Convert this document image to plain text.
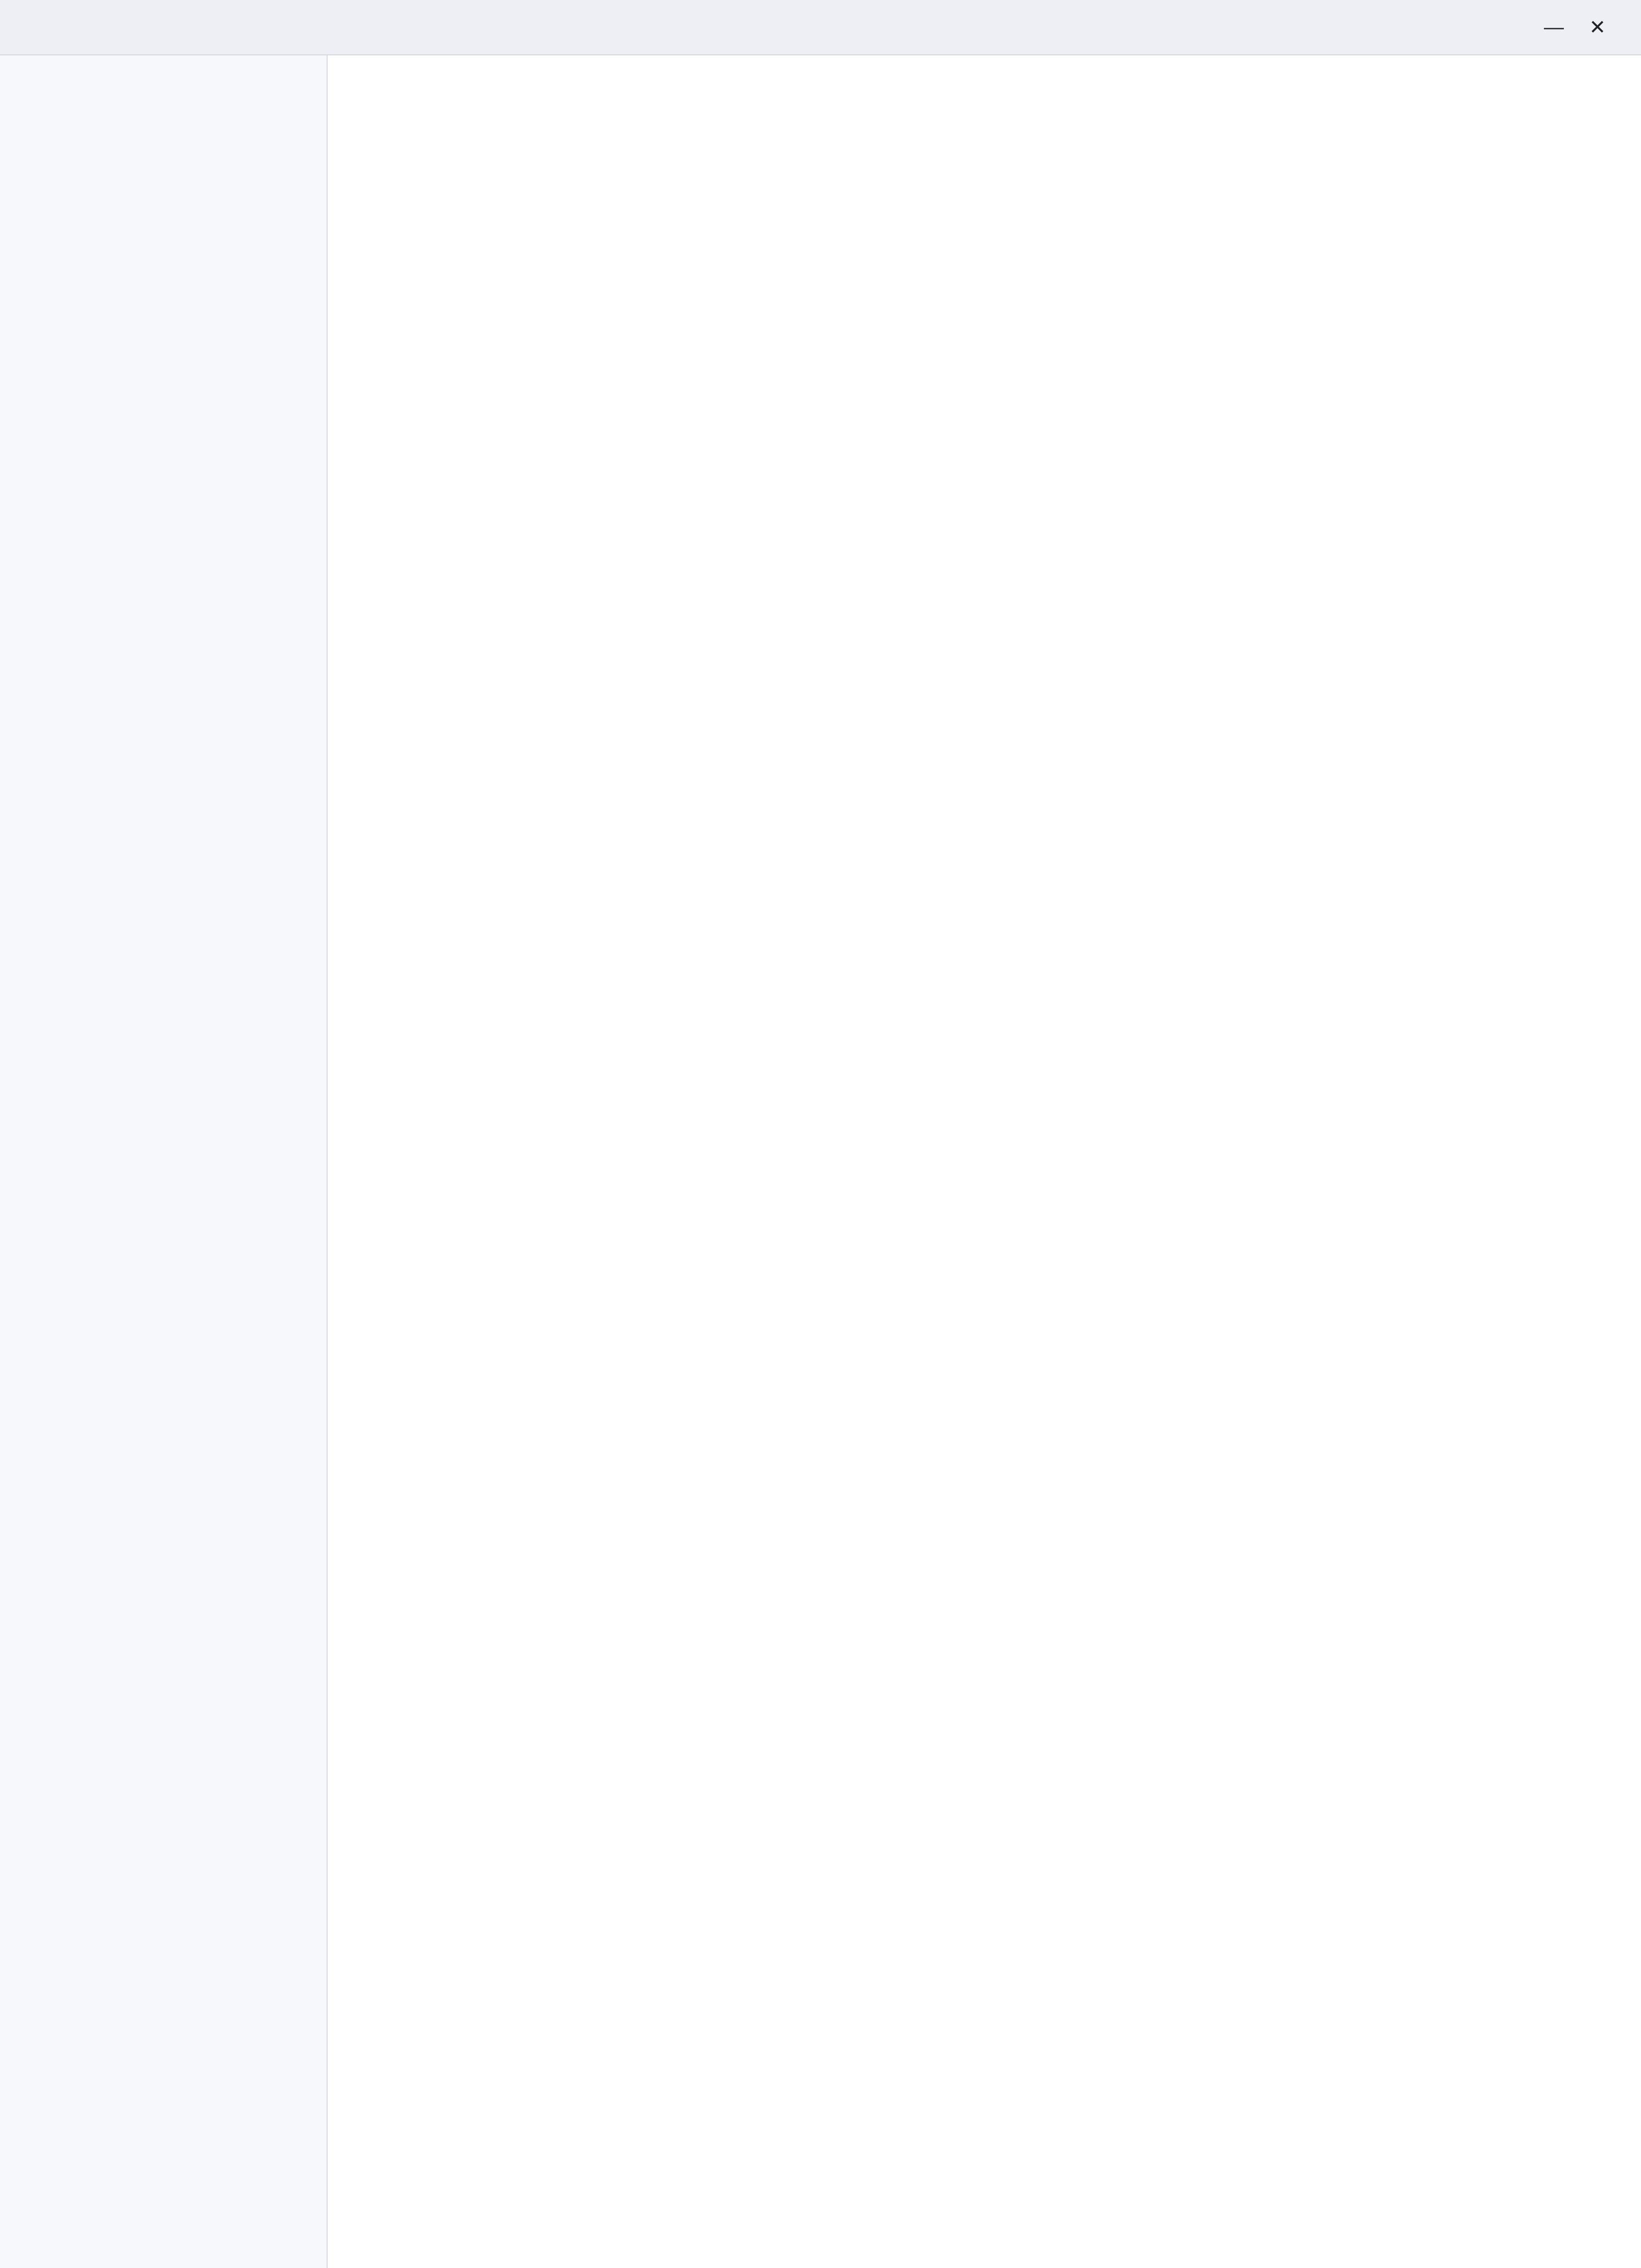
—	✕
